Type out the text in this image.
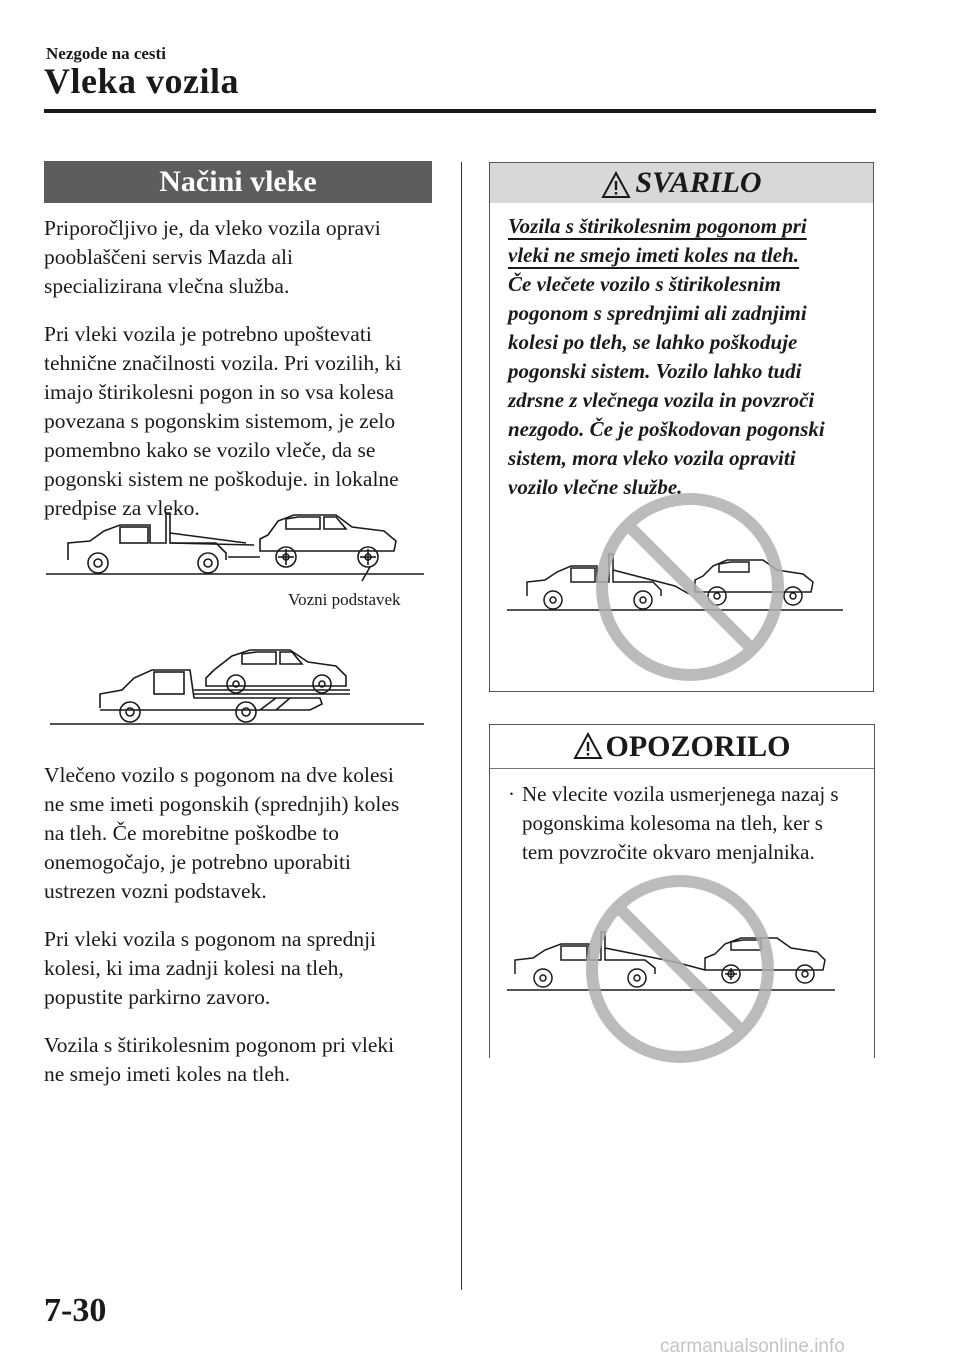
Nezgode na cesti
Vleka vozila
Načini vleke

Priporočljivo je, da vleko vozila opravi
pooblaščeni servis Mazda ali
specializirana vlečna služba.

Pri vleki vozila je potrebno upoštevati
tehnične značilnosti vozila. Pri vozilih, ki
imajo štirikolesni pogon in so vsa kolesa
povezana s pogonskim sistemom, je zelo
pomembno kako se vozilo vleče, da se
pogonski sistem ne poškoduje. in lokalne
predpise za vleko.

Vozni podstavek

Vlečeno vozilo s pogonom na dve kolesi
ne sme imeti pogonskih (sprednjih) koles
na tleh. Če morebitne poškodbe to
onemogočajo, je potrebno uporabiti
ustrezen vozni podstavek.

Pri vleki vozila s pogonom na sprednji
kolesi, ki ima zadnji kolesi na tleh,
popustite parkirno zavoro.

Vozila s štirikolesnim pogonom pri vleki
ne smejo imeti koles na tleh.

SVARILO
Vozila s štirikolesnim pogonom pri
vleki ne smejo imeti koles na tleh.
Če vlečete vozilo s štirikolesnim
pogonom s sprednjimi ali zadnjimi
kolesi po tleh, se lahko poškoduje
pogonski sistem. Vozilo lahko tudi
zdrsne z vlečnega vozila in povzroči
nezgodo. Če je poškodovan pogonski
sistem, mora vleko vozila opraviti
vozilo vlečne službe.
OPOZORILO
· Ne vlecite vozila usmerjenega nazaj s
pogonskima kolesoma na tleh, ker s
tem povzročite okvaro menjalnika.
7-30
carmanualsonline.info
